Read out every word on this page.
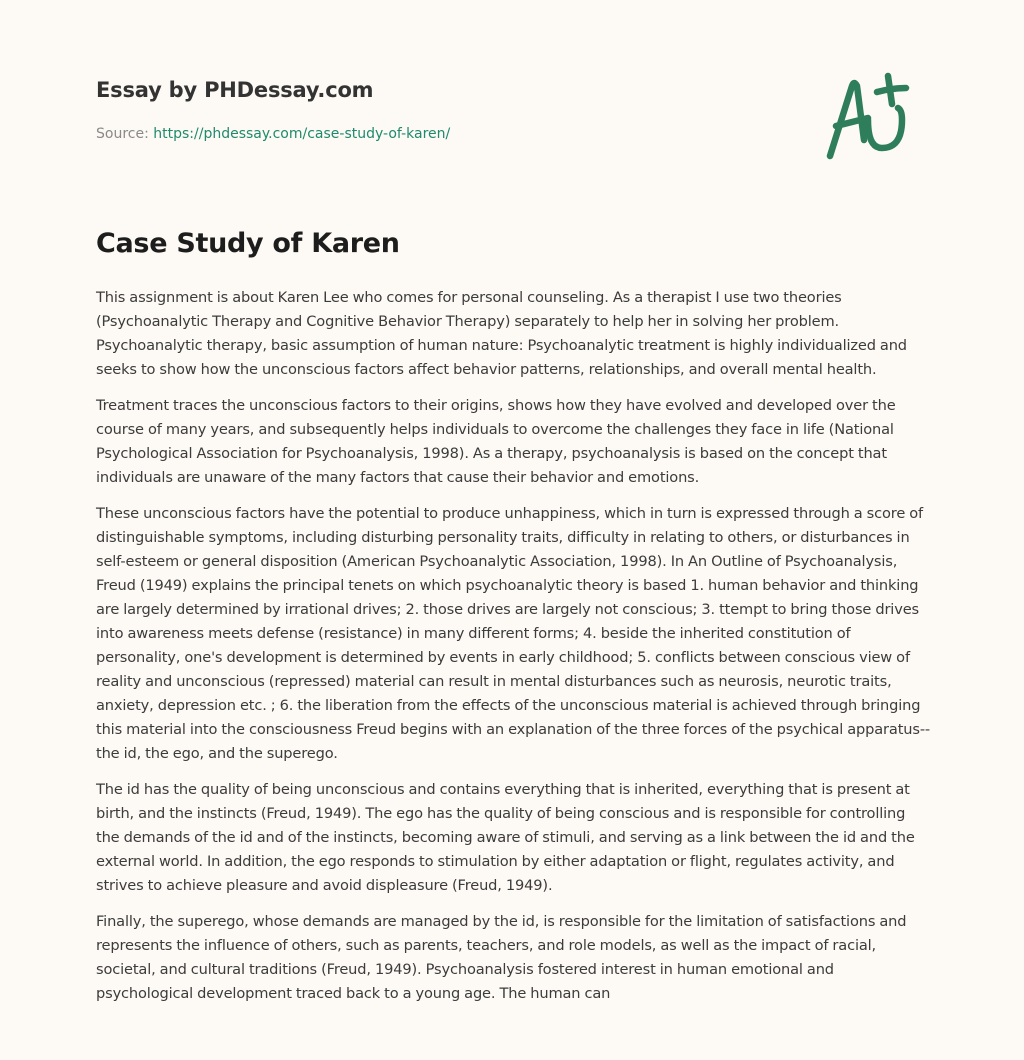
Essay by PHDessay.com
Source: https://phdessay.com/case-study-of-karen/
Case Study of Karen

This assignment is about Karen Lee who comes for personal counseling. As a therapist I use two theories (Psychoanalytic Therapy and Cognitive Behavior Therapy) separately to help her in solving her problem. Psychoanalytic therapy, basic assumption of human nature: Psychoanalytic treatment is highly individualized and seeks to show how the unconscious factors affect behavior patterns, relationships, and overall mental health.

Treatment traces the unconscious factors to their origins, shows how they have evolved and developed over the course of many years, and subsequently helps individuals to overcome the challenges they face in life (National Psychological Association for Psychoanalysis, 1998). As a therapy, psychoanalysis is based on the concept that individuals are unaware of the many factors that cause their behavior and emotions.

These unconscious factors have the potential to produce unhappiness, which in turn is expressed through a score of distinguishable symptoms, including disturbing personality traits, difficulty in relating to others, or disturbances in self-esteem or general disposition (American Psychoanalytic Association, 1998). In An Outline of Psychoanalysis, Freud (1949) explains the principal tenets on which psychoanalytic theory is based 1. human behavior and thinking are largely determined by irrational drives; 2. those drives are largely not conscious; 3. ttempt to bring those drives into awareness meets defense (resistance) in many different forms; 4. beside the inherited constitution of personality, one's development is determined by events in early childhood; 5. conflicts between conscious view of reality and unconscious (repressed) material can result in mental disturbances such as neurosis, neurotic traits, anxiety, depression etc. ; 6. the liberation from the effects of the unconscious material is achieved through bringing this material into the consciousness Freud begins with an explanation of the three forces of the psychical apparatus--the id, the ego, and the superego.

The id has the quality of being unconscious and contains everything that is inherited, everything that is present at birth, and the instincts (Freud, 1949). The ego has the quality of being conscious and is responsible for controlling the demands of the id and of the instincts, becoming aware of stimuli, and serving as a link between the id and the external world. In addition, the ego responds to stimulation by either adaptation or flight, regulates activity, and strives to achieve pleasure and avoid displeasure (Freud, 1949).

Finally, the superego, whose demands are managed by the id, is responsible for the limitation of satisfactions and represents the influence of others, such as parents, teachers, and role models, as well as the impact of racial, societal, and cultural traditions (Freud, 1949). Psychoanalysis fostered interest in human emotional and psychological development traced back to a young age. The human can
